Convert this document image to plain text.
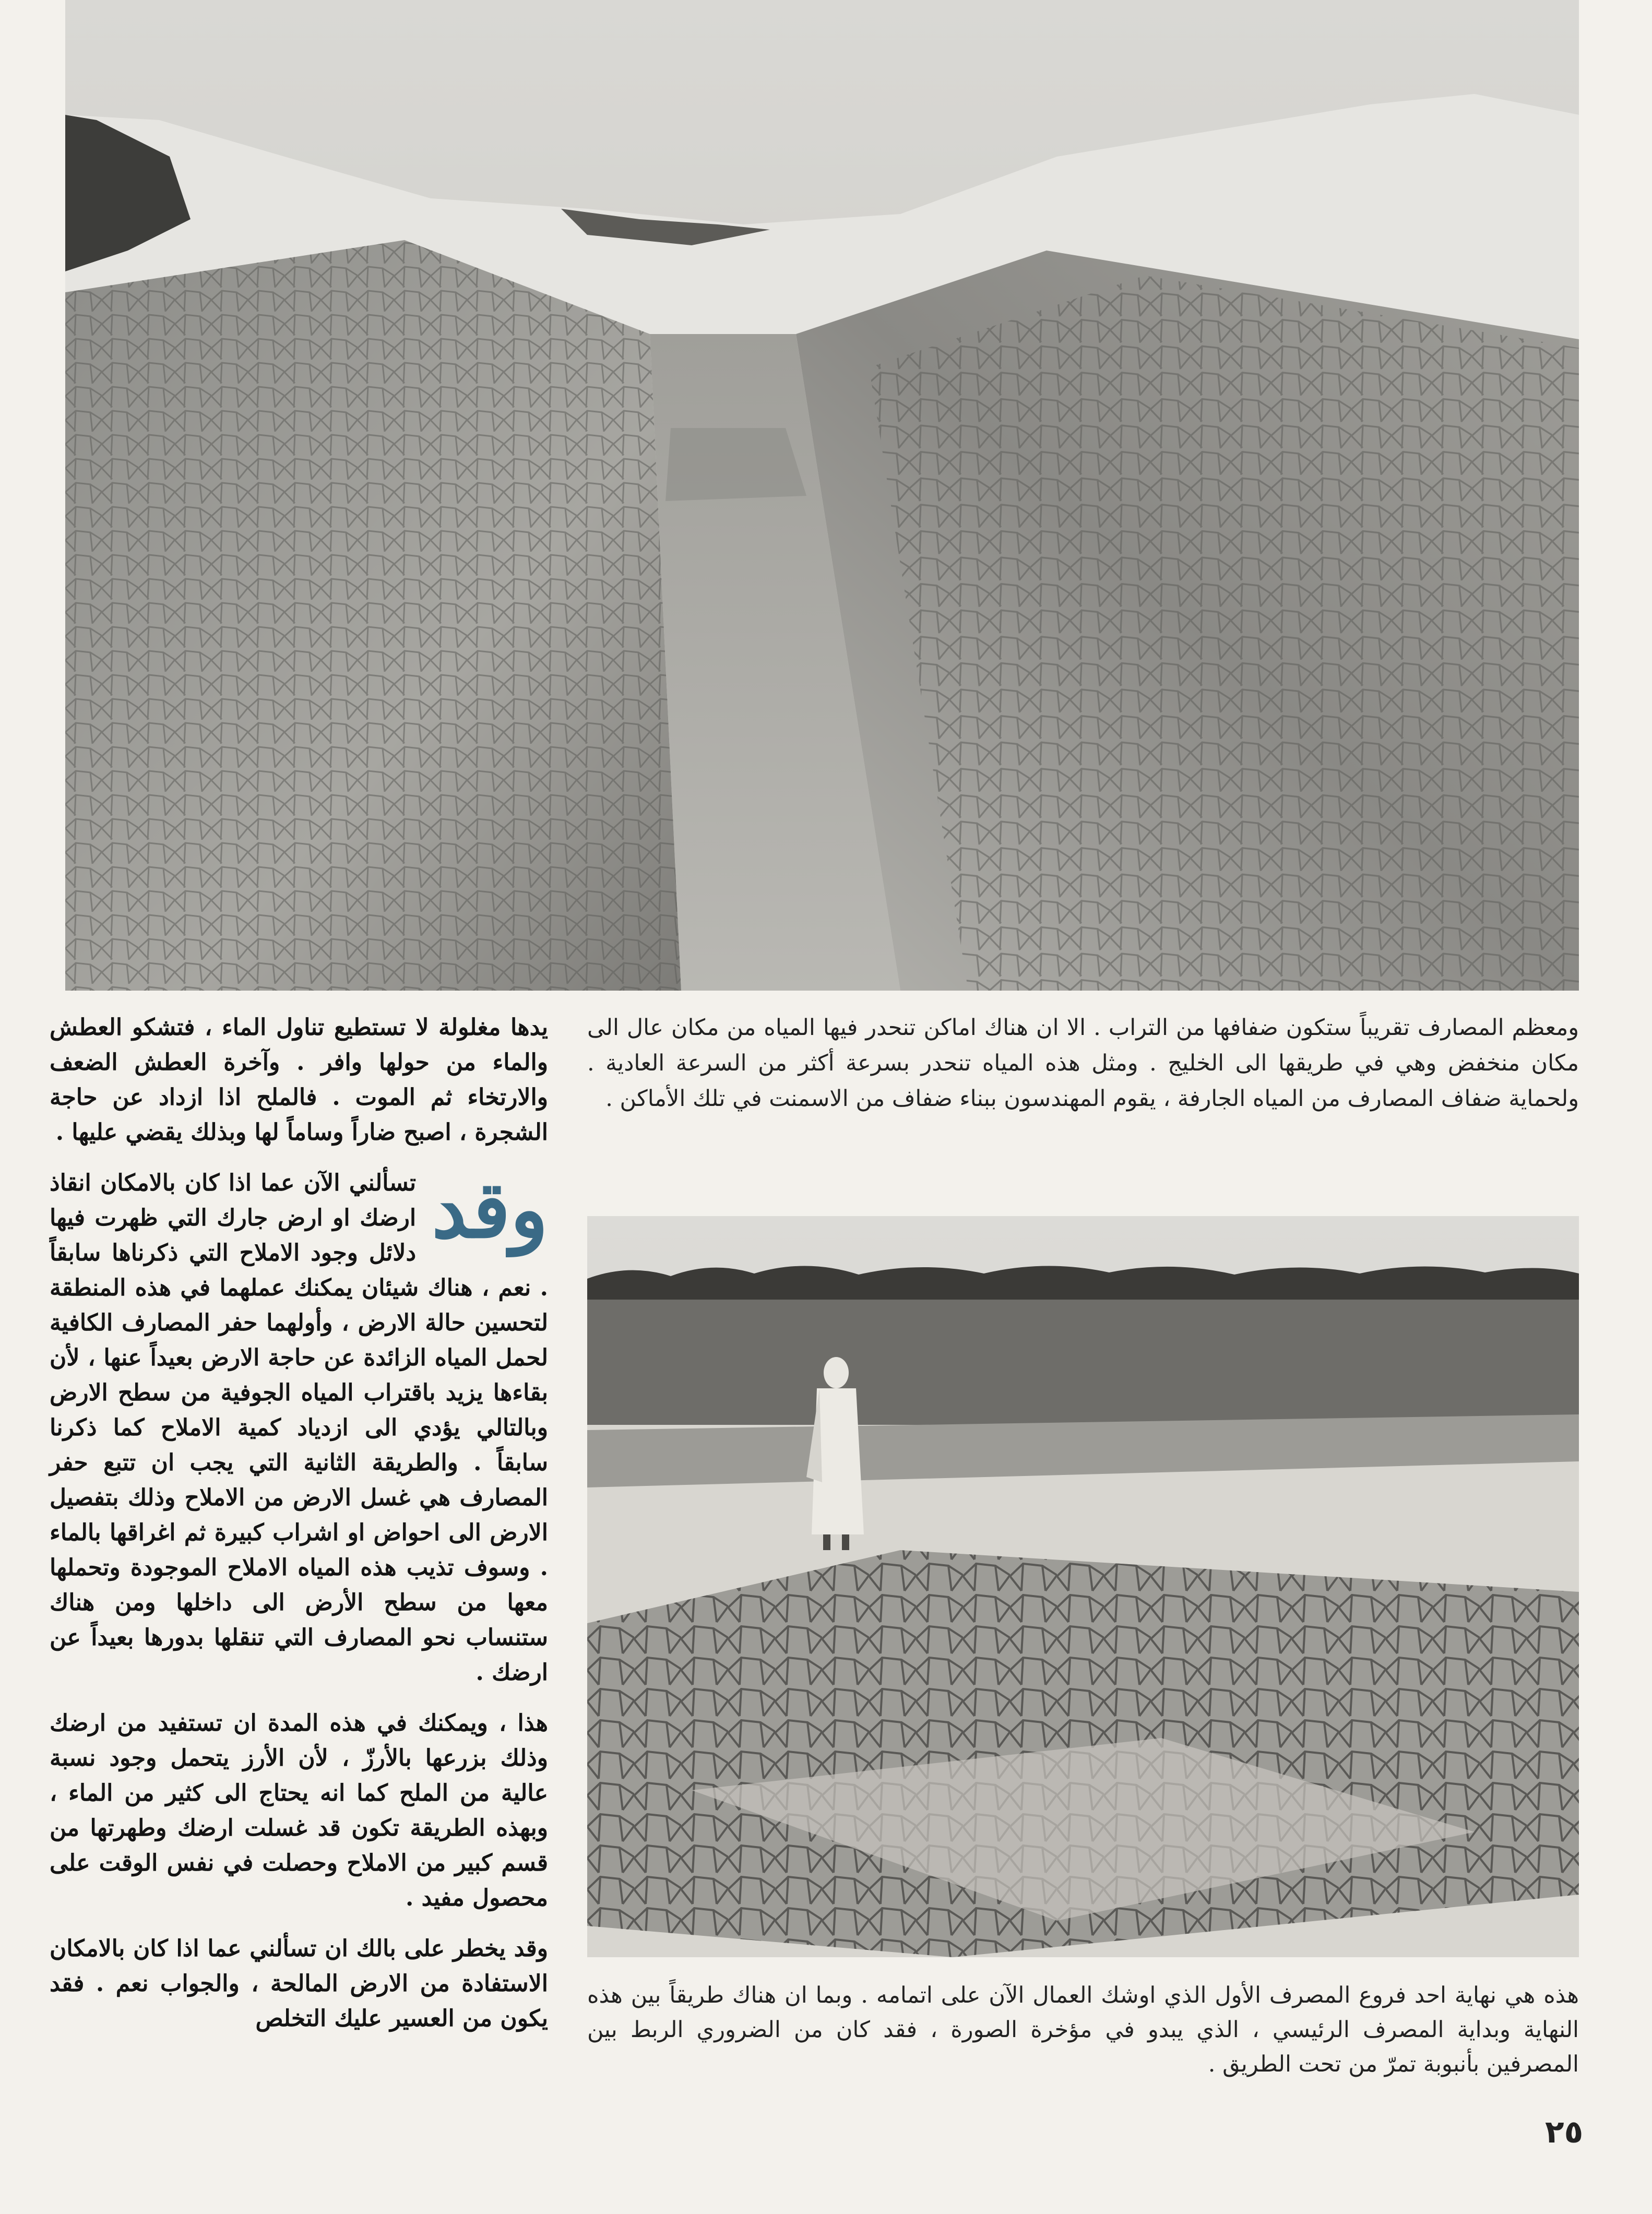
ومعظم المصارف تقريباً ستكون ضفافها من التراب . الا ان هناك اماكن تنحدر فيها المياه من مكان عال الى مكان منخفض وهي في طريقها الى الخليج . ومثل هذه المياه تنحدر بسرعة أكثر من السرعة العادية . ولحماية ضفاف المصارف من المياه الجارفة ، يقوم المهندسون ببناء ضفاف من الاسمنت في تلك الأماكن .
هذه هي نهاية احد فروع المصرف الأول الذي اوشك العمال الآن على اتمامه . وبما ان هناك طريقاً بين هذه النهاية وبداية المصرف الرئيسي ، الذي يبدو في مؤخرة الصورة ، فقد كان من الضروري الربط بين المصرفين بأنبوبة تمرّ من تحت الطريق .

يدها مغلولة لا تستطيع تناول الماء ، فتشكو العطش والماء من حولها وافر . وآخرة العطش الضعف والارتخاء ثم الموت . فالملح اذا ازداد عن حاجة الشجرة ، اصبح ضاراً وساماً لها وبذلك يقضي عليها .

وقد
تسألني الآن عما اذا كان بالامكان انقاذ ارضك او ارض جارك التي ظهرت فيها دلائل وجود الاملاح التي ذكرناها سابقاً . نعم ، هناك شيئان يمكنك عملهما في هذه المنطقة لتحسين حالة الارض ، وأولهما حفر المصارف الكافية لحمل المياه الزائدة عن حاجة الارض بعيداً عنها ، لأن بقاءها يزيد باقتراب المياه الجوفية من سطح الارض وبالتالي يؤدي الى ازدياد كمية الاملاح كما ذكرنا سابقاً . والطريقة الثانية التي يجب ان تتبع حفر المصارف هي غسل الارض من الاملاح وذلك بتفصيل الارض الى احواض او اشراب كبيرة ثم اغراقها بالماء . وسوف تذيب هذه المياه الاملاح الموجودة وتحملها معها من سطح الأرض الى داخلها ومن هناك ستنساب نحو المصارف التي تنقلها بدورها بعيداً عن ارضك .

هذا ، ويمكنك في هذه المدة ان تستفيد من ارضك وذلك بزرعها بالأرزّ ، لأن الأرز يتحمل وجود نسبة عالية من الملح كما انه يحتاج الى كثير من الماء ، وبهذه الطريقة تكون قد غسلت ارضك وطهرتها من قسم كبير من الاملاح وحصلت في نفس الوقت على محصول مفيد .

وقد يخطر على بالك ان تسألني عما اذا كان بالامكان الاستفادة من الارض المالحة ، والجواب نعم . فقد يكون من العسير عليك التخلص

٢٥
